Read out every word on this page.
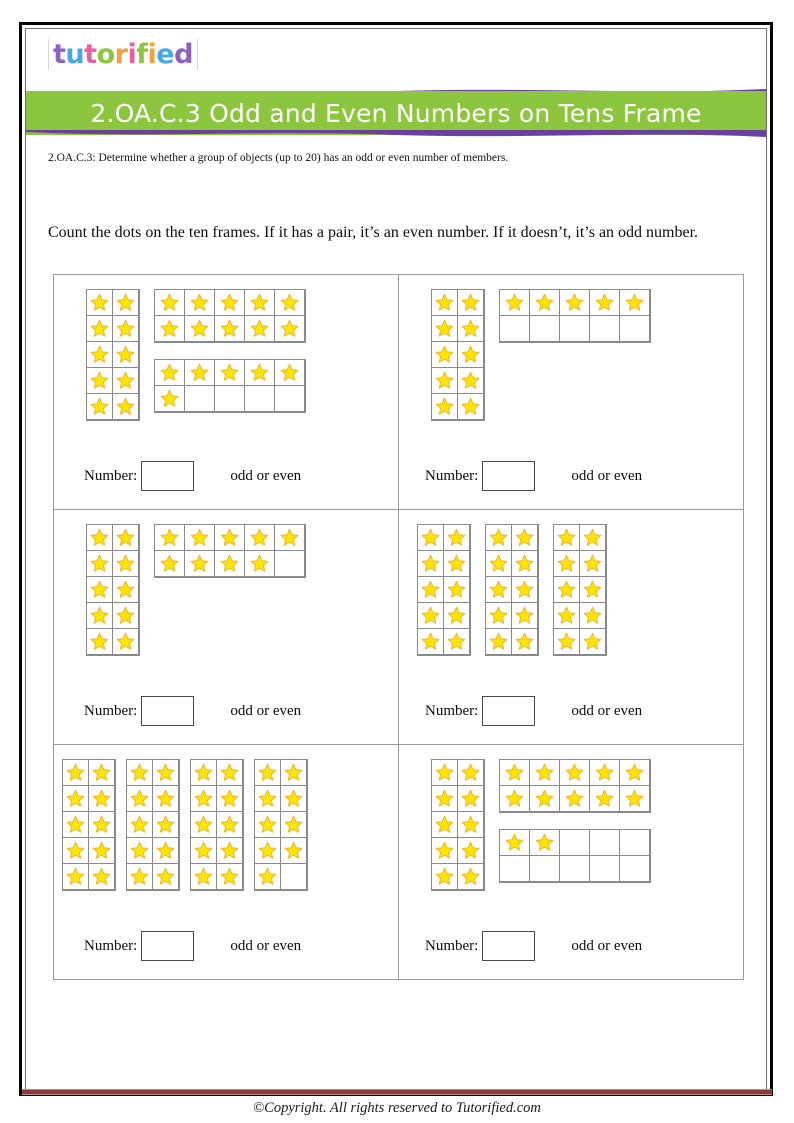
tutorified
2.OA.C.3 Odd and Even Numbers on Tens Frame
2.OA.C.3: Determine whether a group of objects (up to 20) has an odd or even number of members.
Count the dots on the ten frames. If it has a pair, it’s an even number. If it doesn’t, it’s an odd number.
Number: odd or even	Number: odd or even

Number: odd or even	Number: odd or even

Number: odd or even	Number: odd or even
©Copyright. All rights reserved to Tutorified.com
